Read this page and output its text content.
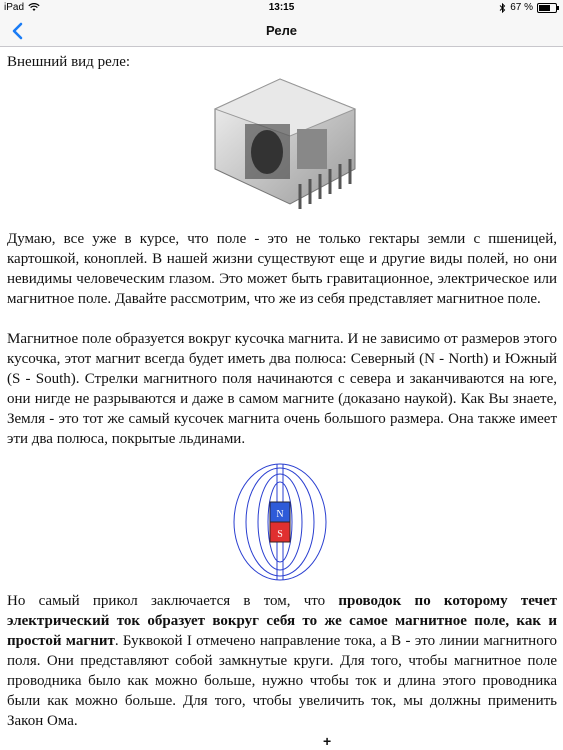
iPad	13:15	67 %
Реле

Внешний вид реле:

Думаю, все уже в курсе, что поле - это не только гектары земли с пшеницей, картошкой, коноплей. В нашей жизни существуют еще и другие виды полей, но они невидимы человеческим глазом. Это может быть гравитационное, электрическое или магнитное поле. Давайте рассмотрим, что же из себя представляет магнитное поле.

Магнитное поле образуется вокруг кусочка магнита. И не зависимо от размеров этого кусочка, этот магнит всегда будет иметь два полюса: Северный (N - North) и Южный (S - South). Стрелки магнитного поля начинаются с севера и заканчиваются на юге, они нигде не разрываются и даже в самом магните (доказано наукой). Как Вы знаете, Земля - это тот же самый кусочек магнита очень большого размера. Она также имеет эти два полюса, покрытые льдинами.

Но самый прикол заключается в том, что проводок по которому течет электрический ток образует вокруг себя то же самое магнитное поле, как и простой магнит. Буквокой I отмечено направление тока, а B - это линии магнитного поля. Они представляют собой замкнутые круги. Для того, чтобы магнитное поле проводника было как можно больше, нужно чтобы ток и длина этого проводника были как можно больше. Для того, чтобы увеличить ток, мы должны применить Закон Ома.

N
S
+
